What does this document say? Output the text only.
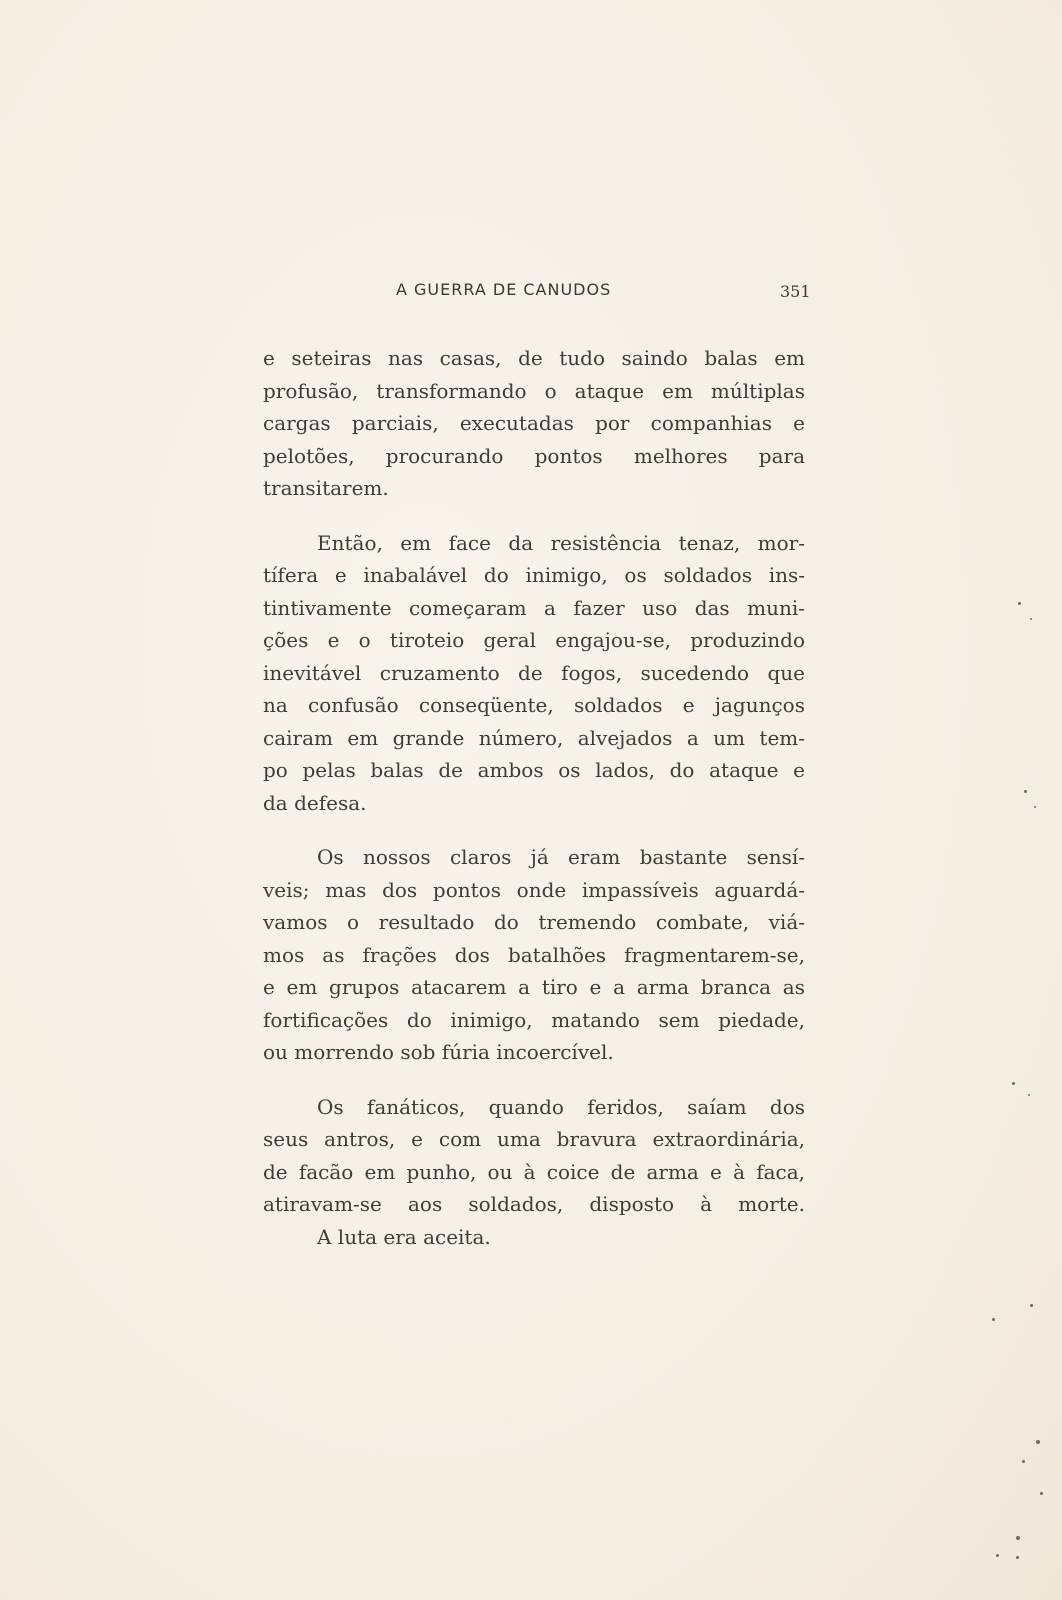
A GUERRA DE CANUDOS	351
e seteiras nas casas, de tudo saindo balas em
profusão, transformando o ataque em múltiplas
cargas parciais, executadas por companhias e
pelotões, procurando pontos melhores para
transitarem.
Então, em face da resistência tenaz, mor-
tífera e inabalável do inimigo, os soldados ins-
tintivamente começaram a fazer uso das muni-
ções e o tiroteio geral engajou-se, produzindo
inevitável cruzamento de fogos, sucedendo que
na confusão conseqüente, soldados e jagunços
cairam em grande número, alvejados a um tem-
po pelas balas de ambos os lados, do ataque e
da defesa.
Os nossos claros já eram bastante sensí-
veis; mas dos pontos onde impassíveis aguardá-
vamos o resultado do tremendo combate, viá-
mos as frações dos batalhões fragmentarem-se,
e em grupos atacarem a tiro e a arma branca as
fortificações do inimigo, matando sem piedade,
ou morrendo sob fúria incoercível.
Os fanáticos, quando feridos, saíam dos
seus antros, e com uma bravura extraordinária,
de facão em punho, ou à coice de arma e à faca,
atiravam-se aos soldados, disposto à morte.
A luta era aceita.
